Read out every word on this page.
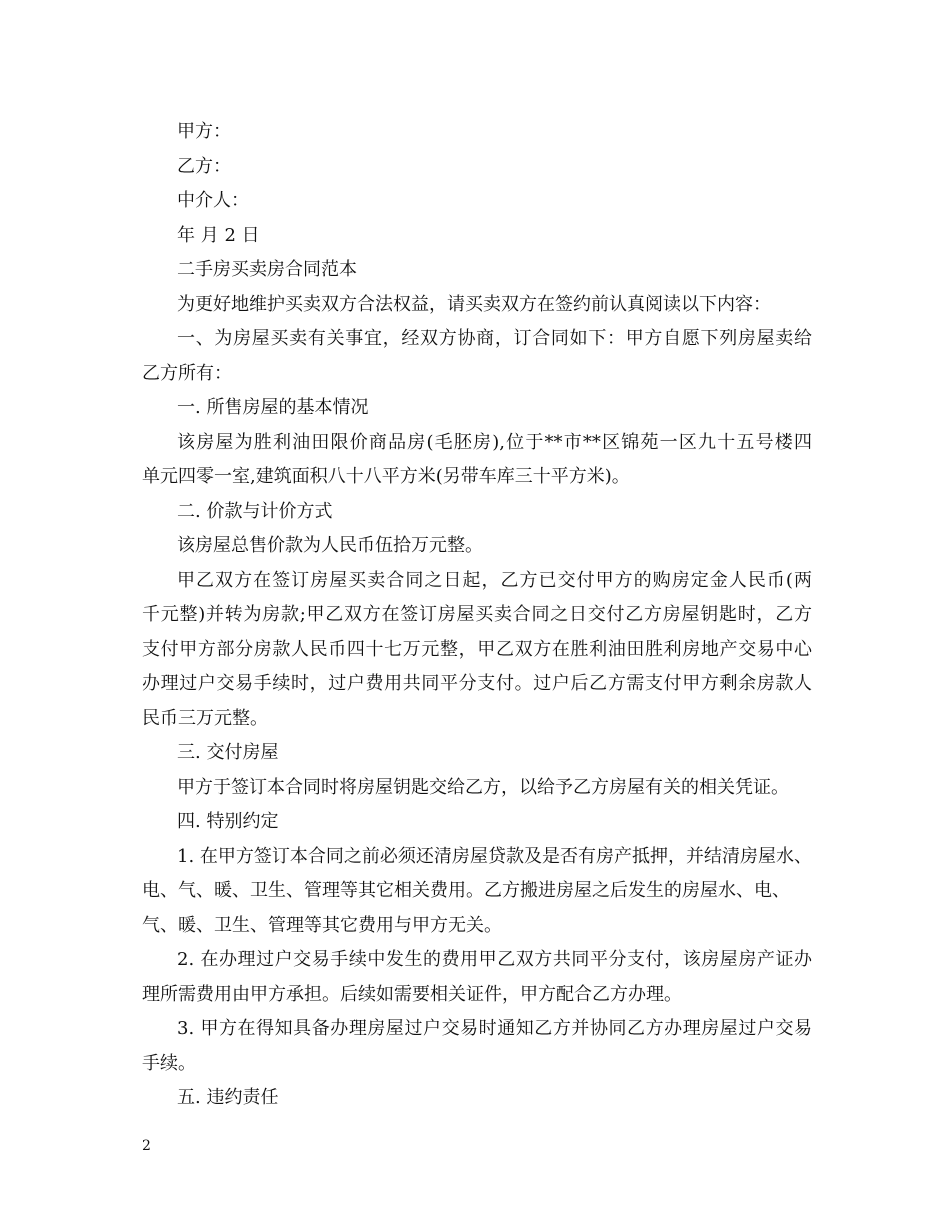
甲方：

乙方：

中介人：

年 月 2 日

二手房买卖房合同范本

为更好地维护买卖双方合法权益，请买卖双方在签约前认真阅读以下内容：

一、为房屋买卖有关事宜，经双方协商，订合同如下：甲方自愿下列房屋卖给

乙方所有：

一. 所售房屋的基本情况

该房屋为胜利油田限价商品房(毛胚房),位于**市**区锦苑一区九十五号楼四

单元四零一室,建筑面积八十八平方米(另带车库三十平方米)。

二. 价款与计价方式

该房屋总售价款为人民币伍拾万元整。

甲乙双方在签订房屋买卖合同之日起，乙方已交付甲方的购房定金人民币(两

千元整)并转为房款;甲乙双方在签订房屋买卖合同之日交付乙方房屋钥匙时，乙方

支付甲方部分房款人民币四十七万元整，甲乙双方在胜利油田胜利房地产交易中心

办理过户交易手续时，过户费用共同平分支付。过户后乙方需支付甲方剩余房款人

民币三万元整。

三. 交付房屋

甲方于签订本合同时将房屋钥匙交给乙方，以给予乙方房屋有关的相关凭证。

四. 特别约定

1. 在甲方签订本合同之前必须还清房屋贷款及是否有房产抵押，并结清房屋水、

电、气、暖、卫生、管理等其它相关费用。乙方搬进房屋之后发生的房屋水、电、

气、暖、卫生、管理等其它费用与甲方无关。

2. 在办理过户交易手续中发生的费用甲乙双方共同平分支付，该房屋房产证办

理所需费用由甲方承担。后续如需要相关证件，甲方配合乙方办理。

3. 甲方在得知具备办理房屋过户交易时通知乙方并协同乙方办理房屋过户交易

手续。

五. 违约责任

2
